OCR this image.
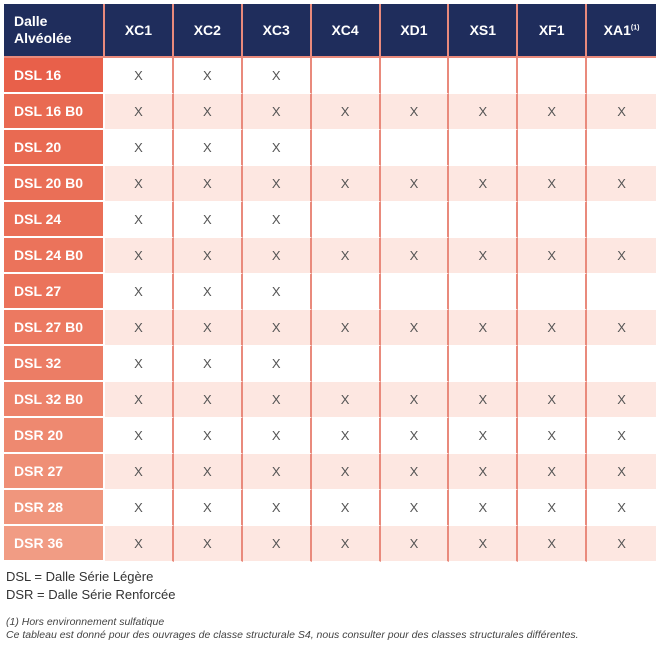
Dalle
Alvéolée	XC1	XC2	XC3	XC4	XD1	XS1	XF1	XA1$^{(1)}$
DSL 16	X	X	X					
DSL 16 B0	X	X	X	X	X	X	X	X
DSL 20	X	X	X					
DSL 20 B0	X	X	X	X	X	X	X	X
DSL 24	X	X	X					
DSL 24 B0	X	X	X	X	X	X	X	X
DSL 27	X	X	X					
DSL 27 B0	X	X	X	X	X	X	X	X
DSL 32	X	X	X					
DSL 32 B0	X	X	X	X	X	X	X	X
DSR 20	X	X	X	X	X	X	X	X
DSR 27	X	X	X	X	X	X	X	X
DSR 28	X	X	X	X	X	X	X	X
DSR 36	X	X	X	X	X	X	X	X
DSL = Dalle Série Légère
DSR = Dalle Série Renforcée
(1) Hors environnement sulfatique
Ce tableau est donné pour des ouvrages de classe structurale S4, nous consulter pour des classes structurales différentes.
